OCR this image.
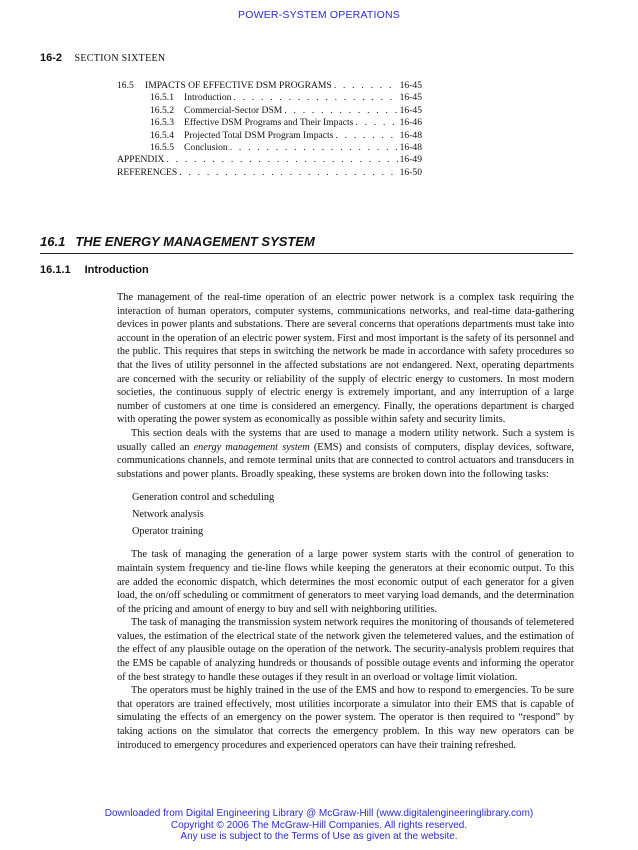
POWER-SYSTEM OPERATIONS
16-2 SECTION SIXTEEN
16.5	IMPACTS OF EFFECTIVE DSM PROGRAMS . . .	16-45
16.5.1	Introduction . . .	16-45
16.5.2	Commercial-Sector DSM . . .	16-45
16.5.3	Effective DSM Programs and Their Impacts . . .	16-46
16.5.4	Projected Total DSM Program Impacts . . .	16-48
16.5.5	Conclusion . . .	16-48
APPENDIX . . .	16-49
REFERENCES . . .	16-50
16.1 THE ENERGY MANAGEMENT SYSTEM
16.1.1 Introduction

The management of the real-time operation of an electric power network is a complex task requiring the interaction of human operators, computer systems, communications networks, and real-time data-gathering devices in power plants and substations. There are several concerns that operations departments must take into account in the operation of an electric power system. First and most important is the safety of its personnel and the public. This requires that steps in switching the network be made in accordance with safety procedures so that the lives of utility personnel in the affected substations are not endangered. Next, operating departments are concerned with the security or reliability of the supply of electric energy to customers. In most modern societies, the continuous supply of electric energy is extremely important, and any interruption of a large number of customers at one time is considered an emergency. Finally, the operations department is charged with operating the power system as economically as possible within safety and security limits.

This section deals with the systems that are used to manage a modern utility network. Such a system is usually called an energy management system (EMS) and consists of computers, display devices, software, communications channels, and remote terminal units that are connected to control actuators and transducers in substations and power plants. Broadly speaking, these systems are broken down into the following tasks:

Generation control and scheduling
Network analysis
Operator training

The task of managing the generation of a large power system starts with the control of generation to maintain system frequency and tie-line flows while keeping the generators at their economic output. To this are added the economic dispatch, which determines the most economic output of each generator for a given load, the on/off scheduling or commitment of generators to meet varying load demands, and the determination of the pricing and amount of energy to buy and sell with neighboring utilities.

The task of managing the transmission system network requires the monitoring of thousands of telemetered values, the estimation of the electrical state of the network given the telemetered values, and the estimation of the effect of any plausible outage on the operation of the network. The security-analysis problem requires that the EMS be capable of analyzing hundreds or thousands of possible outage events and informing the operator of the best strategy to handle these outages if they result in an overload or voltage limit violation.

The operators must be highly trained in the use of the EMS and how to respond to emergencies. To be sure that operators are trained effectively, most utilities incorporate a simulator into their EMS that is capable of simulating the effects of an emergency on the power system. The operator is then required to “respond” by taking actions on the simulator that corrects the emergency problem. In this way new operators can be introduced to emergency procedures and experienced operators can have their training refreshed.

Downloaded from Digital Engineering Library @ McGraw-Hill (www.digitalengineeringlibrary.com)
Copyright © 2006 The McGraw-Hill Companies. All rights reserved.
Any use is subject to the Terms of Use as given at the website.
